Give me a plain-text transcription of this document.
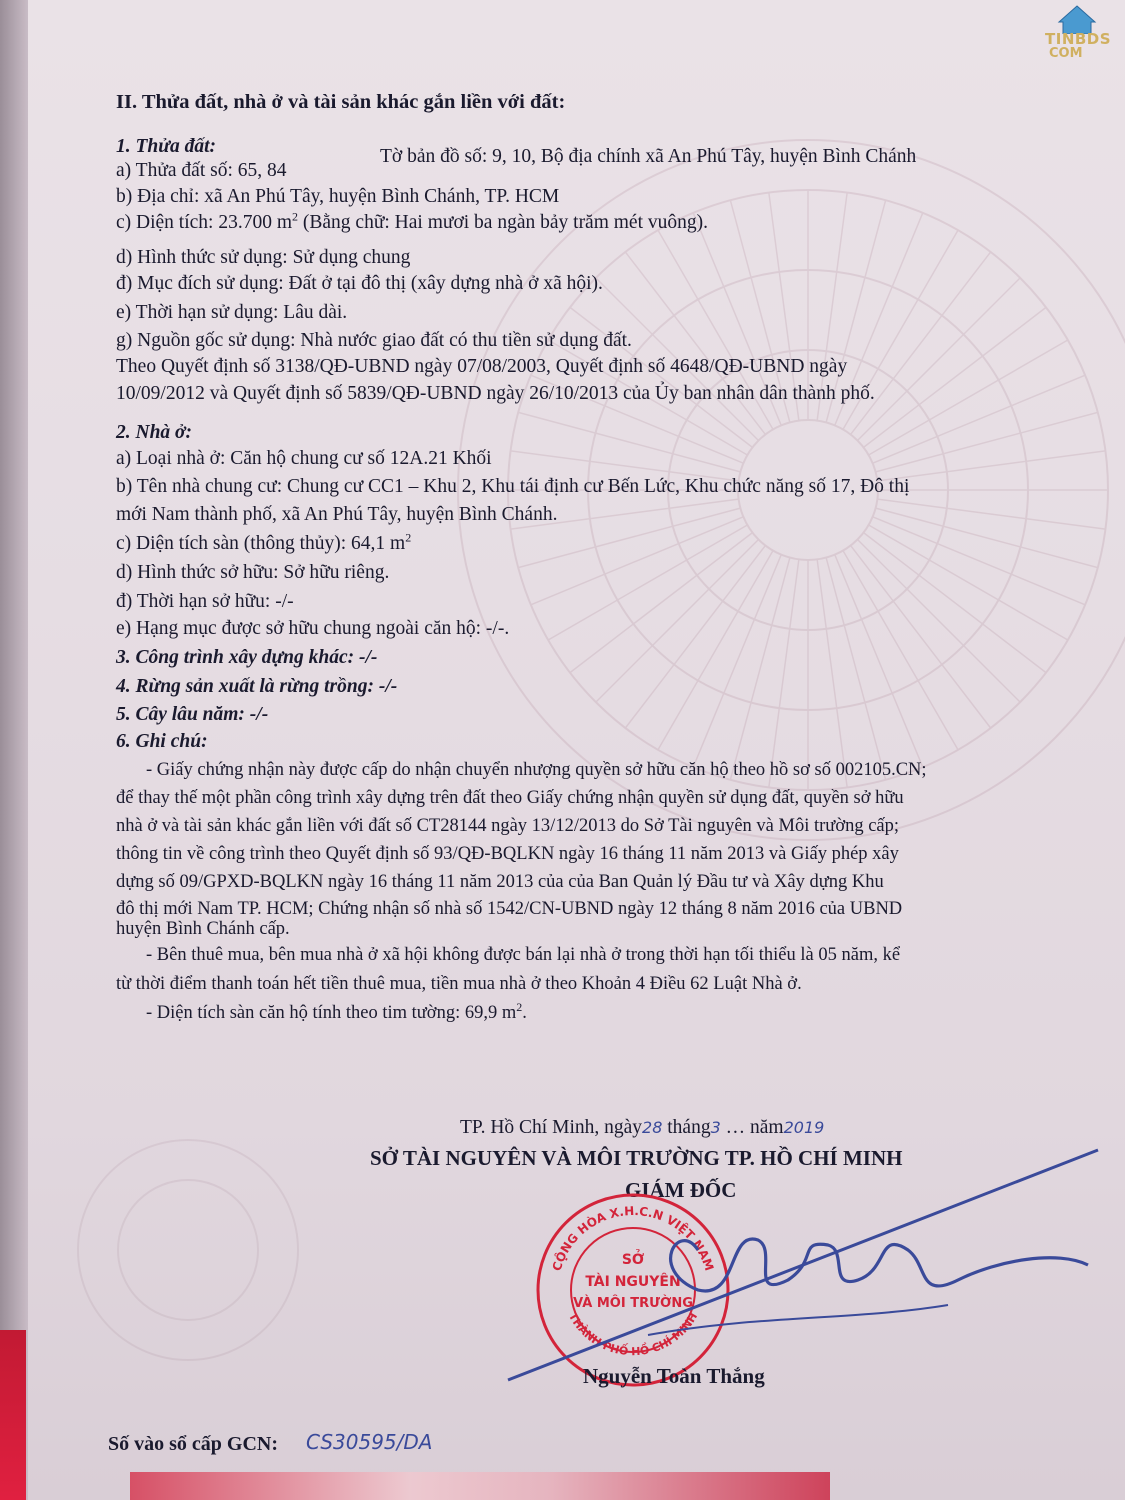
II. Thửa đất, nhà ở và tài sản khác gắn liền với đất:
1. Thửa đất:
a) Thửa đất số: 65, 84
Tờ bản đồ số: 9, 10, Bộ địa chính xã An Phú Tây, huyện Bình Chánh
b) Địa chỉ: xã An Phú Tây, huyện Bình Chánh, TP. HCM
c) Diện tích: 23.700 $m^2$ (Bằng chữ: Hai mươi ba ngàn bảy trăm mét vuông).
d) Hình thức sử dụng: Sử dụng chung
đ) Mục đích sử dụng: Đất ở tại đô thị (xây dựng nhà ở xã hội).
e) Thời hạn sử dụng: Lâu dài.
g) Nguồn gốc sử dụng: Nhà nước giao đất có thu tiền sử dụng đất.
Theo Quyết định số 3138/QĐ-UBND ngày 07/08/2003, Quyết định số 4648/QĐ-UBND ngày
10/09/2012 và Quyết định số 5839/QĐ-UBND ngày 26/10/2013 của Ủy ban nhân dân thành phố.
2. Nhà ở:
a) Loại nhà ở: Căn hộ chung cư số 12A.21 Khối
b) Tên nhà chung cư: Chung cư CC1 – Khu 2, Khu tái định cư Bến Lức, Khu chức năng số 17, Đô thị
mới Nam thành phố, xã An Phú Tây, huyện Bình Chánh.
c) Diện tích sàn (thông thủy): 64,1 $m^2$
d) Hình thức sở hữu: Sở hữu riêng.
đ) Thời hạn sở hữu: -/-
e) Hạng mục được sở hữu chung ngoài căn hộ: -/-.
3. Công trình xây dựng khác: -/-
4. Rừng sản xuất là rừng trồng: -/-
5. Cây lâu năm: -/-
6. Ghi chú:
- Giấy chứng nhận này được cấp do nhận chuyển nhượng quyền sở hữu căn hộ theo hồ sơ số 002105.CN;
để thay thế một phần công trình xây dựng trên đất theo Giấy chứng nhận quyền sử dụng đất, quyền sở hữu
nhà ở và tài sản khác gắn liền với đất số CT28144 ngày 13/12/2013 do Sở Tài nguyên và Môi trường cấp;
thông tin về công trình theo Quyết định số 93/QĐ-BQLKN ngày 16 tháng 11 năm 2013 và Giấy phép xây
dựng số 09/GPXD-BQLKN ngày 16 tháng 11 năm 2013 của của Ban Quản lý Đầu tư và Xây dựng Khu
đô thị mới Nam TP. HCM; Chứng nhận số nhà số 1542/CN-UBND ngày 12 tháng 8 năm 2016 của UBND
huyện Bình Chánh cấp.
- Bên thuê mua, bên mua nhà ở xã hội không được bán lại nhà ở trong thời hạn tối thiểu là 05 năm, kể
từ thời điểm thanh toán hết tiền thuê mua, tiền mua nhà ở theo Khoản 4 Điều 62 Luật Nhà ở.
- Diện tích sàn căn hộ tính theo tim tường: 69,9 $m^2$.
TP. Hồ Chí Minh, ngày28 tháng3 … năm2019
SỞ TÀI NGUYÊN VÀ MÔI TRƯỜNG TP. HỒ CHÍ MINH
GIÁM ĐỐC
CỘNG HÒA X.H.C.N VIỆT NAM
THÀNH PHỐ HỒ CHÍ MINH
SỞ
TÀI NGUYÊN
VÀ MÔI TRƯỜNG
Nguyễn Toàn Thắng
Số vào sổ cấp GCN: CS30595/DA
TINBDS
COM
